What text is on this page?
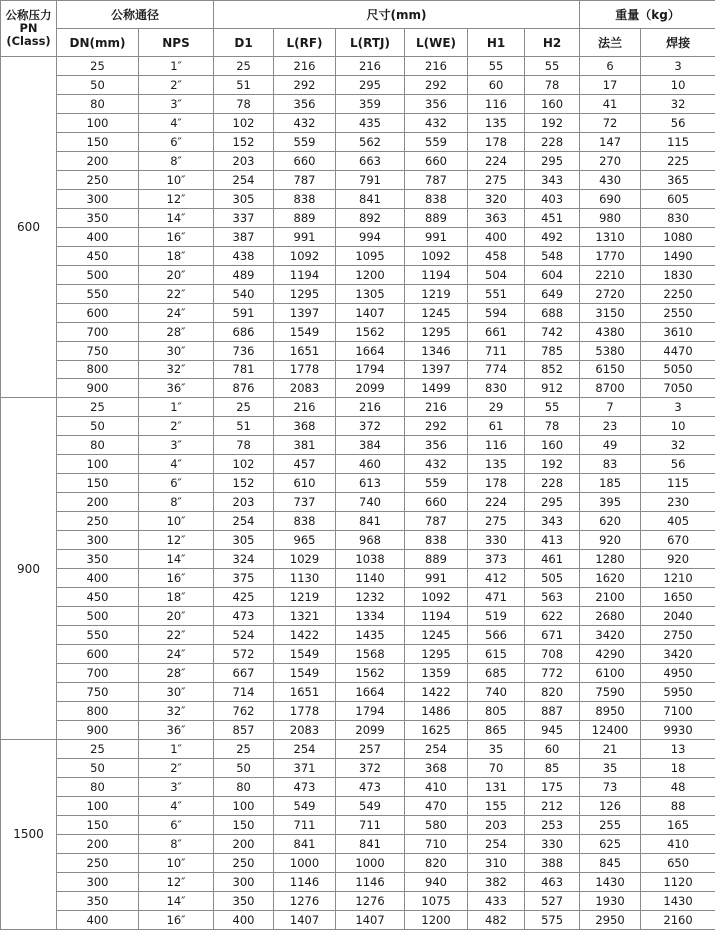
公称压力
PN
(Class)	公称通径		尺寸(mm)						重量（kg）	
	DN(mm)	NPS	D1	L(RF)	L(RTJ)	L(WE)	H1	H2	法兰	焊接
600	25	1″	25	216	216	216	55	55	6	3
	50	2″	51	292	295	292	60	78	17	10
	80	3″	78	356	359	356	116	160	41	32
	100	4″	102	432	435	432	135	192	72	56
	150	6″	152	559	562	559	178	228	147	115
	200	8″	203	660	663	660	224	295	270	225
	250	10″	254	787	791	787	275	343	430	365
	300	12″	305	838	841	838	320	403	690	605
	350	14″	337	889	892	889	363	451	980	830
	400	16″	387	991	994	991	400	492	1310	1080
	450	18″	438	1092	1095	1092	458	548	1770	1490
	500	20″	489	1194	1200	1194	504	604	2210	1830
	550	22″	540	1295	1305	1219	551	649	2720	2250
	600	24″	591	1397	1407	1245	594	688	3150	2550
	700	28″	686	1549	1562	1295	661	742	4380	3610
	750	30″	736	1651	1664	1346	711	785	5380	4470
	800	32″	781	1778	1794	1397	774	852	6150	5050
	900	36″	876	2083	2099	1499	830	912	8700	7050
900	25	1″	25	216	216	216	29	55	7	3
	50	2″	51	368	372	292	61	78	23	10
	80	3″	78	381	384	356	116	160	49	32
	100	4″	102	457	460	432	135	192	83	56
	150	6″	152	610	613	559	178	228	185	115
	200	8″	203	737	740	660	224	295	395	230
	250	10″	254	838	841	787	275	343	620	405
	300	12″	305	965	968	838	330	413	920	670
	350	14″	324	1029	1038	889	373	461	1280	920
	400	16″	375	1130	1140	991	412	505	1620	1210
	450	18″	425	1219	1232	1092	471	563	2100	1650
	500	20″	473	1321	1334	1194	519	622	2680	2040
	550	22″	524	1422	1435	1245	566	671	3420	2750
	600	24″	572	1549	1568	1295	615	708	4290	3420
	700	28″	667	1549	1562	1359	685	772	6100	4950
	750	30″	714	1651	1664	1422	740	820	7590	5950
	800	32″	762	1778	1794	1486	805	887	8950	7100
	900	36″	857	2083	2099	1625	865	945	12400	9930
1500	25	1″	25	254	257	254	35	60	21	13
	50	2″	50	371	372	368	70	85	35	18
	80	3″	80	473	473	410	131	175	73	48
	100	4″	100	549	549	470	155	212	126	88
	150	6″	150	711	711	580	203	253	255	165
	200	8″	200	841	841	710	254	330	625	410
	250	10″	250	1000	1000	820	310	388	845	650
	300	12″	300	1146	1146	940	382	463	1430	1120
	350	14″	350	1276	1276	1075	433	527	1930	1430
	400	16″	400	1407	1407	1200	482	575	2950	2160
